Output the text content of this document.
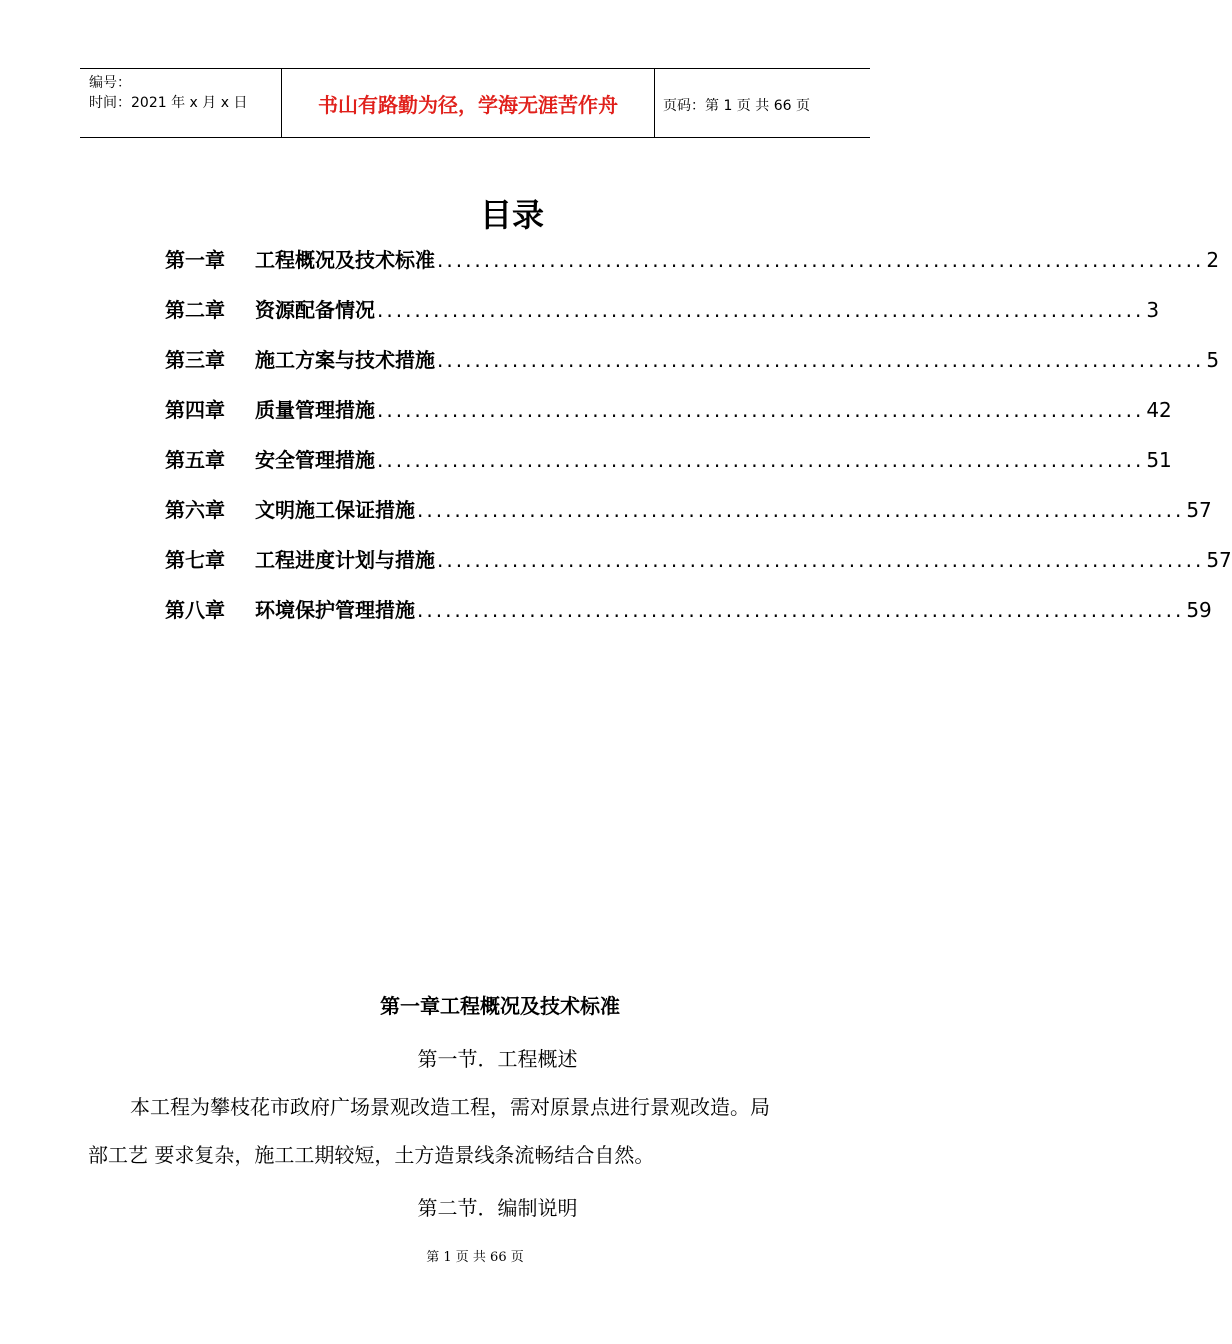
编号：
时间：2021 年 x 月 x 日	书山有路勤为径，学海无涯苦作舟	页码：第 1 页 共 66 页
目录
第一章	工程概况及技术标准 .................................................................................. 2
第二章	资源配备情况 .................................................................................. 3
第三章	施工方案与技术措施 .................................................................................. 5
第四章	质量管理措施 .................................................................................. 42
第五章	安全管理措施 .................................................................................. 51
第六章	文明施工保证措施 .................................................................................. 57
第七章	工程进度计划与措施 .................................................................................. 57
第八章	环境保护管理措施 .................................................................................. 59
第一章工程概况及技术标准
第一节．工程概述
本工程为攀枝花市政府广场景观改造工程，需对原景点进行景观改造。局
部工艺 要求复杂，施工工期较短，土方造景线条流畅结合自然。
第二节．编制说明
第 1 页 共 66 页
